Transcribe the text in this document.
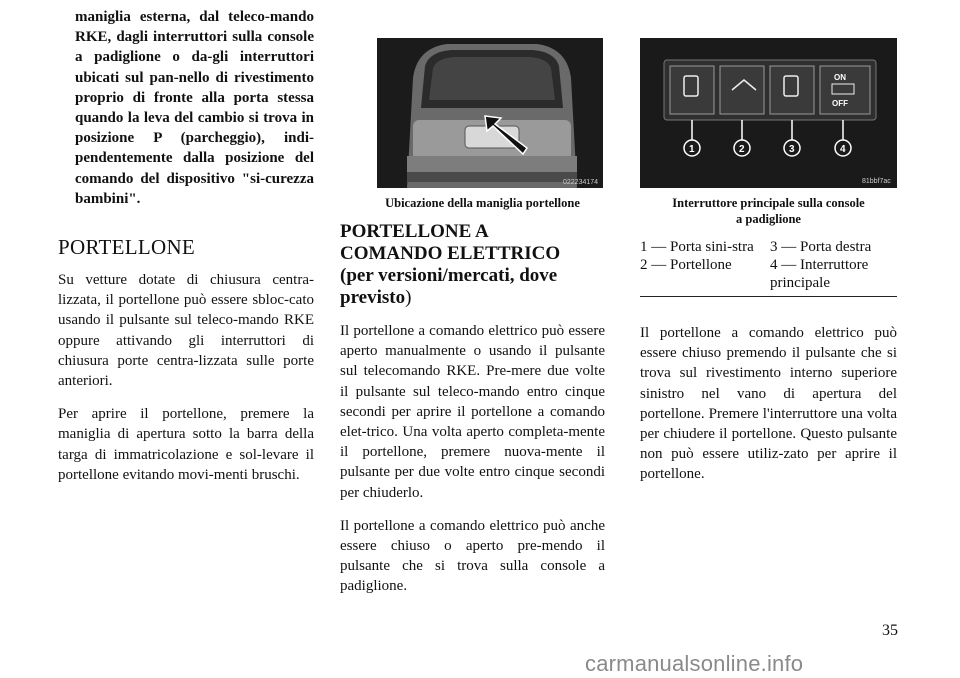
maniglia esterna, dal teleco-mando RKE, dagli interruttori sulla console a padiglione o da-gli interruttori ubicati sul pan-nello di rivestimento proprio di fronte alla porta stessa quando la leva del cambio si trova in posizione P (parcheggio), indi-pendentemente dalla posizione del comando del dispositivo "si-curezza bambini".

PORTELLONE

Su vetture dotate di chiusura centra-lizzata, il portellone può essere sbloc-cato usando il pulsante sul teleco-mando RKE oppure attivando gli interruttori di chiusura porte centra-lizzata sulle porte anteriori.

Per aprire il portellone, premere la maniglia di apertura sotto la barra della targa di immatricolazione e sol-levare il portellone evitando movi-menti bruschi.

022234174

Ubicazione della maniglia portellone

PORTELLONE A
COMANDO ELETTRICO
(per versioni/mercati, dove
previsto)

Il portellone a comando elettrico può essere aperto manualmente o usando il pulsante sul telecomando RKE. Pre-mere due volte il pulsante sul teleco-mando entro cinque secondi per aprire il portellone a comando elet-trico. Una volta aperto completa-mente il portellone, premere nuova-mente il pulsante per due volte entro cinque secondi per chiuderlo.

Il portellone a comando elettrico può anche essere chiuso o aperto pre-mendo il pulsante che si trova sulla console a padiglione.

ON
OFF
1	2	3	4
81bbf7ac

Interruttore principale sulla console
a padiglione

1 — Porta sini-stra	3 — Porta destra
2 — Portellone	4 — Interruttore principale

Il portellone a comando elettrico può essere chiuso premendo il pulsante che si trova sul rivestimento interno superiore sinistro nel vano di apertura del portellone. Premere l'interruttore una volta per chiudere il portellone. Questo pulsante non può essere utiliz-zato per aprire il portellone.

35
carmanualsonline.info
